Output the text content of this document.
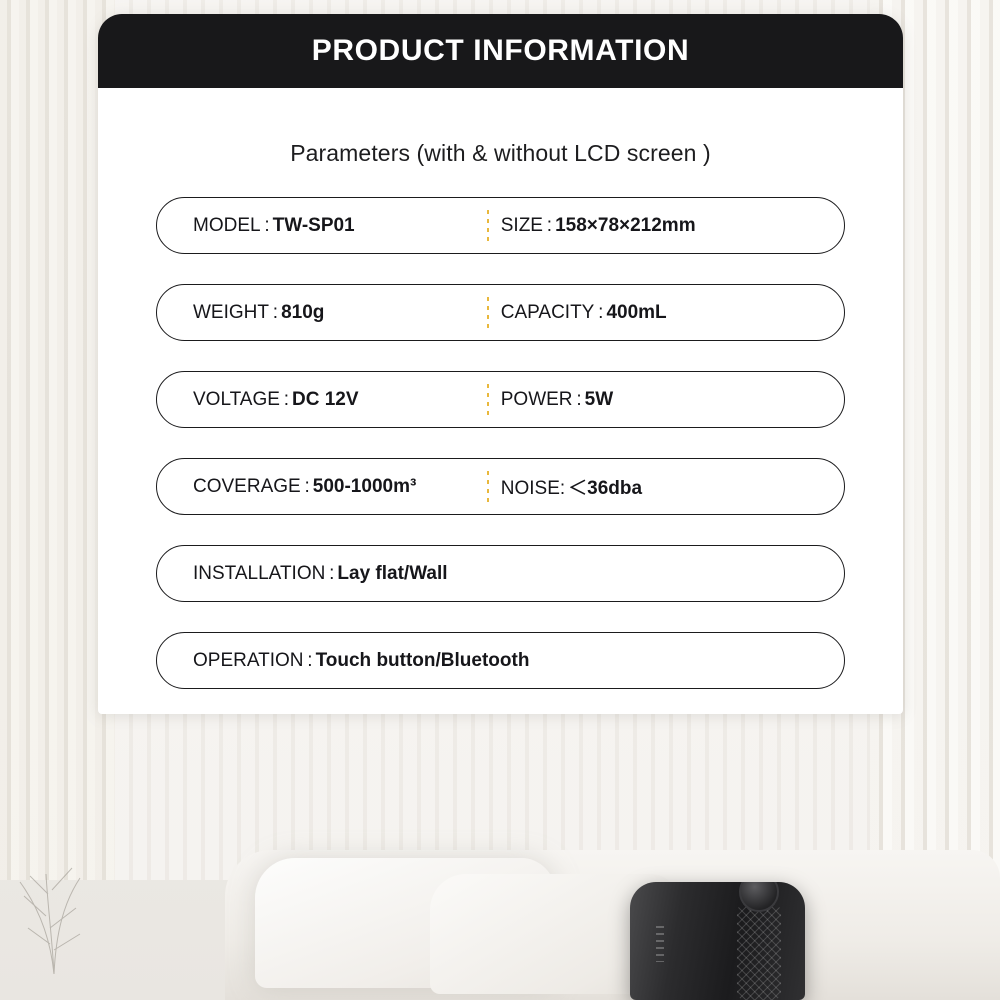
PRODUCT INFORMATION
Parameters (with & without LCD screen )
MODEL : TW-SP01	SIZE : 158×78×212mm
WEIGHT : 810g	CAPACITY : 400mL
VOLTAGE : DC 12V	POWER : 5W
COVERAGE : 500-1000m³	NOISE: ＜36dba
INSTALLATION : Lay flat/Wall
OPERATION : Touch button/Bluetooth
